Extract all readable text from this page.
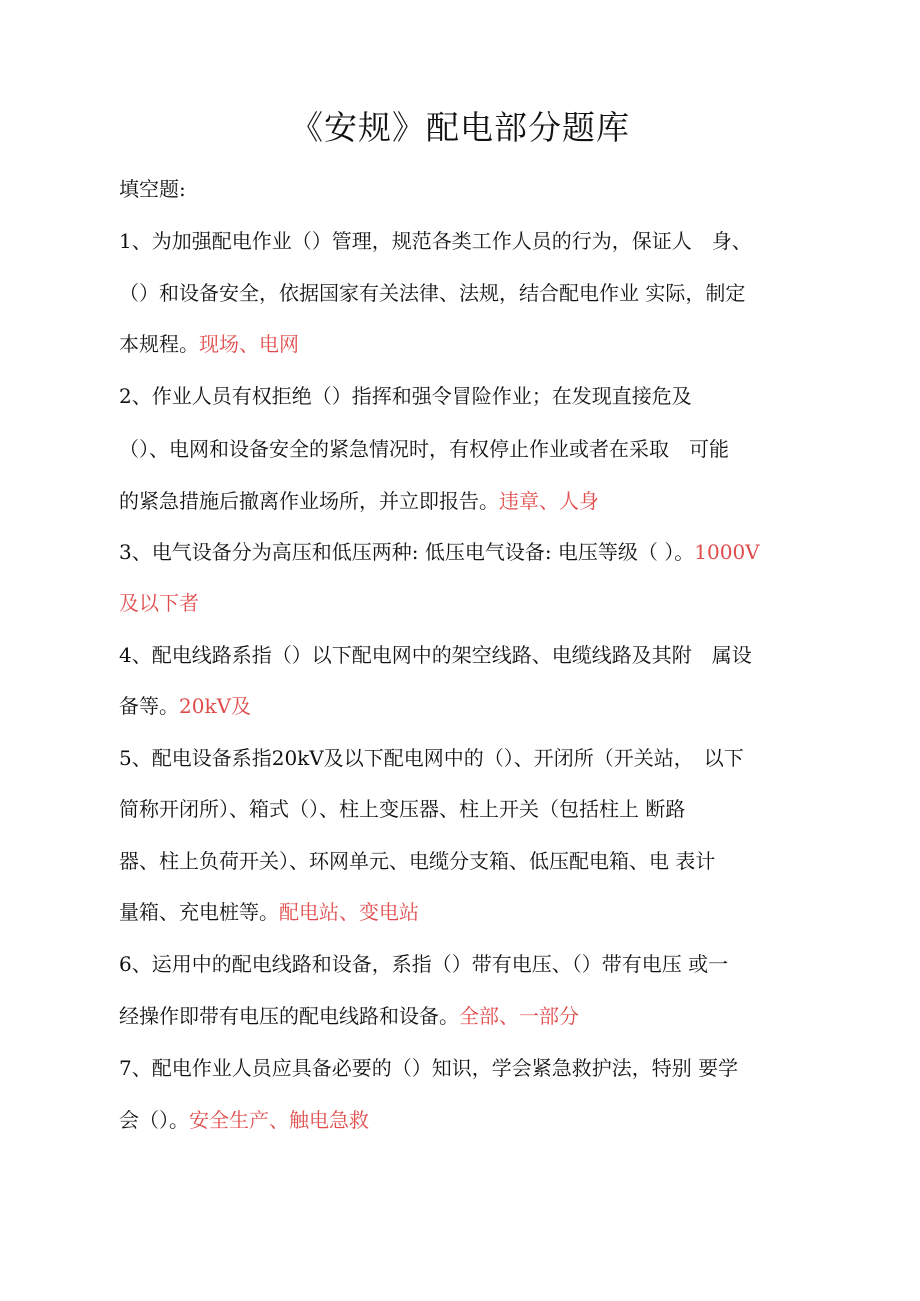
《安规》配电部分题库
填空题:
1、为加强配电作业（）管理，规范各类工作人员的行为，保证人　身、
（）和设备安全，依据国家有关法律、法规，结合配电作业 实际，制定
本规程。现场、电网
2、作业人员有权拒绝（）指挥和强令冒险作业；在发现直接危及
（）、电网和设备安全的紧急情况时，有权停止作业或者在采取　可能
的紧急措施后撤离作业场所，并立即报告。违章、人身
3、电气设备分为高压和低压两种: 低压电气设备: 电压等级（ ）。1000V
及以下者
4、配电线路系指（）以下配电网中的架空线路、电缆线路及其附　属设
备等。20kV及
5、配电设备系指20kV及以下配电网中的（）、开闭所（开关站，　以下
简称开闭所）、箱式（）、柱上变压器、柱上开关（包括柱上 断路
器、柱上负荷开关）、环网单元、电缆分支箱、低压配电箱、电 表计
量箱、充电桩等。配电站、变电站
6、运用中的配电线路和设备，系指（）带有电压、（）带有电压 或一
经操作即带有电压的配电线路和设备。全部、一部分
7、配电作业人员应具备必要的（）知识，学会紧急救护法，特别 要学
会（）。安全生产、触电急救
